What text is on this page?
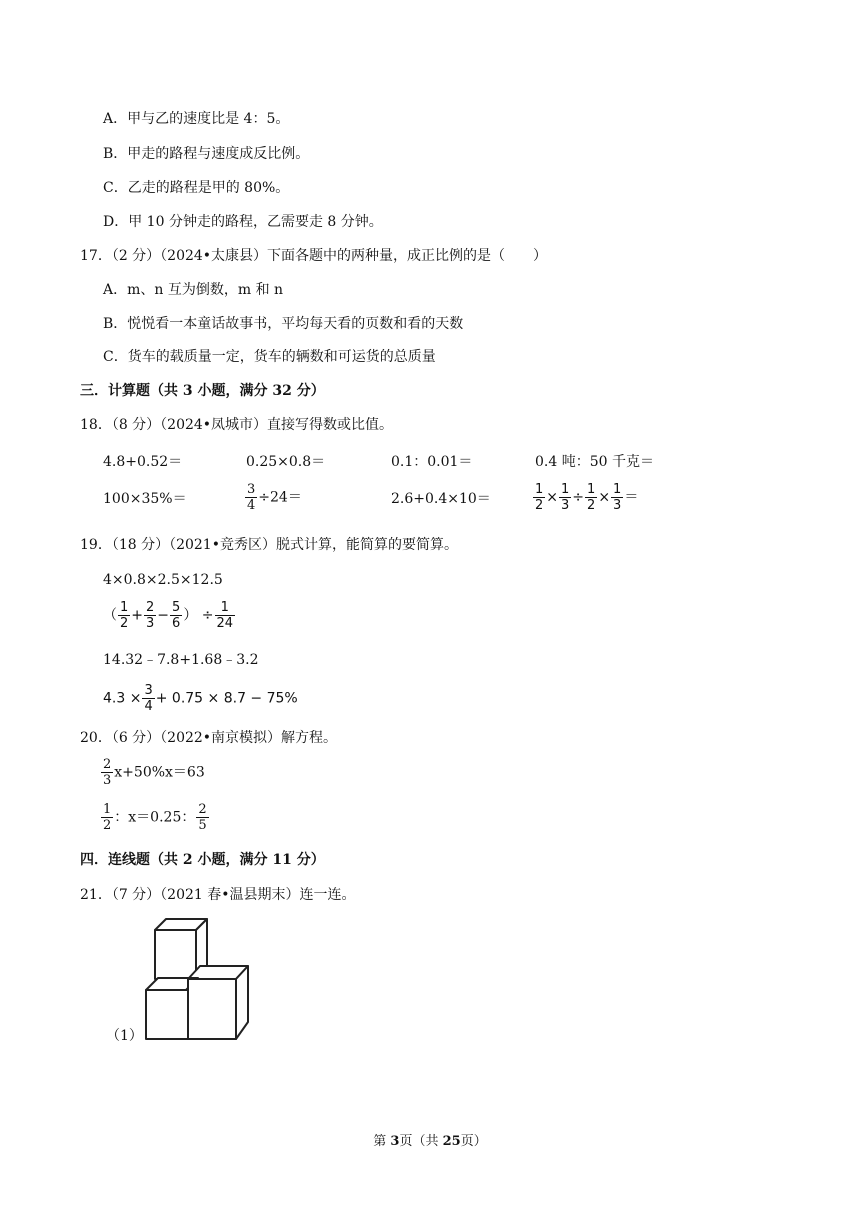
A．甲与乙的速度比是 4：5。
B．甲走的路程与速度成反比例。
C．乙走的路程是甲的 80%。
D．甲 10 分钟走的路程，乙需要走 8 分钟。
17．（2 分）（2024•太康县）下面各题中的两种量，成正比例的是（　　）
A．m、n 互为倒数，m 和 n
B．悦悦看一本童话故事书，平均每天看的页数和看的天数
C．货车的载质量一定，货车的辆数和可运货的总质量
三．计算题（共 3 小题，满分 32 分）
18．（8 分）（2024•凤城市）直接写得数或比值。
4.8+0.52＝	0.25×0.8＝	0.1：0.01＝	0.4 吨：50 千克＝
100×35%＝	$\frac{3}{4} \div 24=$	2.6+0.4×10＝	$\frac{1}{2} \times \frac{1}{3} \div \frac{1}{2} \times \frac{1}{3}$ ＝
19．（18 分）（2021•竞秀区）脱式计算，能简算的要简算。
4×0.8×2.5×12.5
（ $\frac{1}{2} + \frac{2}{3} - \frac{5}{6}$ ） ÷ $\frac{1}{24}$
14.32﹣7.8+1.68﹣3.2
$4.3 \times \frac{3}{4} + 0.75 \times 8.7 - 75\%$
20．（6 分）（2022•南京模拟）解方程。
$\frac{2}{3} x+50\%x=63$
$\frac{1}{2}$ ：x＝0.25： $\frac{2}{5}$
四．连线题（共 2 小题，满分 11 分）
21．（7 分）（2021 春•温县期末）连一连。
（1）
第 3页（共 25页）
